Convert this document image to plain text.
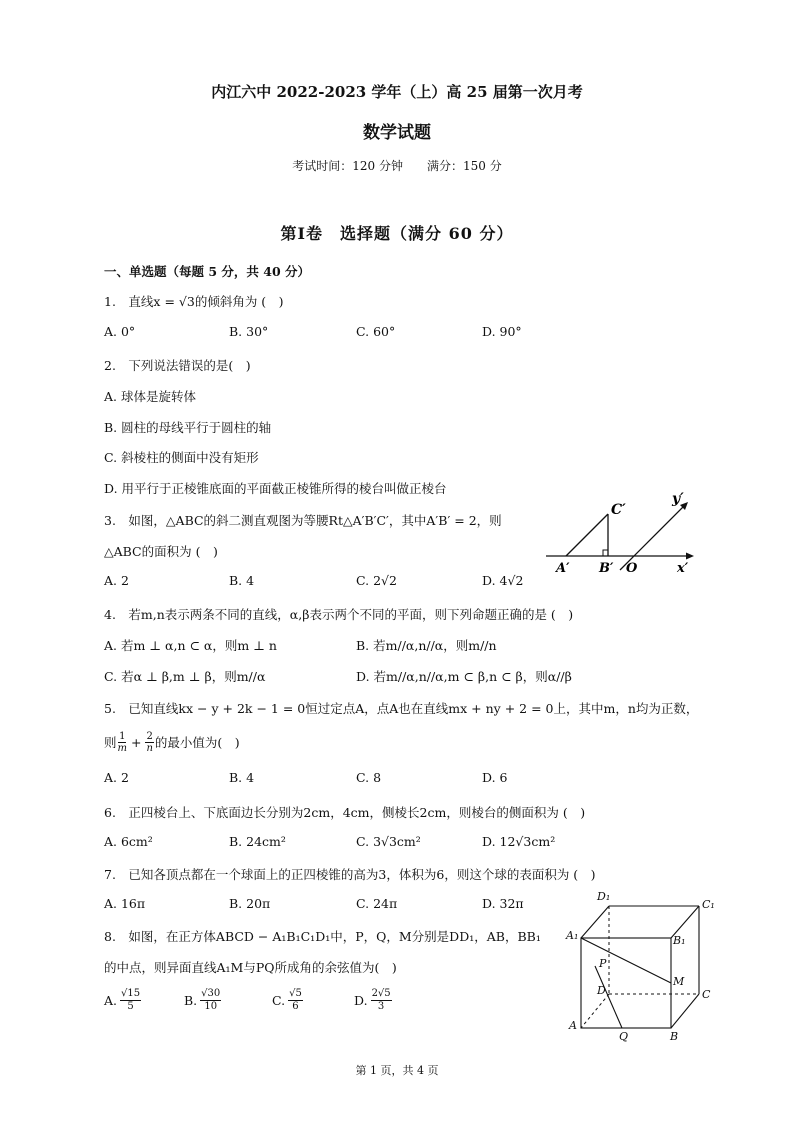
内江六中 2022-2023 学年（上）高 25 届第一次月考
数学试题
考试时间：120 分钟　　满分：150 分
第Ⅰ卷　选择题（满分 60 分）
一、单选题（每题 5 分，共 40 分）
1.　直线x = √3的倾斜角为 (　)
A. 0°	B. 30°	C. 60°	D. 90°
2.　下列说法错误的是(　)
A. 球体是旋转体
B. 圆柱的母线平行于圆柱的轴
C. 斜棱柱的侧面中没有矩形
D. 用平行于正棱锥底面的平面截正棱锥所得的棱台叫做正棱台
3.　如图，△ABC的斜二测直观图为等腰Rt△A′B′C′，其中A′B′ = 2，则
△ABC的面积为 (　)
A. 2	B. 4	C. 2√2	D. 4√2
C′
y′
A′ B′ O	x′
4.　若m,n表示两条不同的直线，α,β表示两个不同的平面，则下列命题正确的是 (　)
A. 若m ⊥ α,n ⊂ α，则m ⊥ n	B. 若m//α,n//α，则m//n
C. 若α ⊥ β,m ⊥ β，则m//α	D. 若m//α,n//α,m ⊂ β,n ⊂ β，则α//β
5.　已知直线kx − y + 2k − 1 = 0恒过定点A，点A也在直线mx + ny + 2 = 0上，其中m，n均为正数，
则 $\frac{1}{m} + \frac{2}{n}$ 的最小值为(　)
A. 2	B. 4	C. 8	D. 6
6.　正四棱台上、下底面边长分别为2cm，4cm，侧棱长2cm，则棱台的侧面积为 (　)
A. 6cm²	B. 24cm²	C. 3√3cm²	D. 12√3cm²
7.　已知各顶点都在一个球面上的正四棱锥的高为3，体积为6，则这个球的表面积为 (　)
A. 16π	B. 20π	C. 24π	D. 32π
8.　如图，在正方体ABCD − A₁B₁C₁D₁中，P，Q，M分别是DD₁，AB，BB₁
的中点，则异面直线A₁M与PQ所成角的余弦值为(　)
A. $\frac{√15}{5}$	B. $\frac{√30}{10}$	C. $\frac{√5}{6}$	D. $\frac{2√5}{3}$
D₁
C₁
A₁	B₁
P
M
D	C
A
B
Q
第 1 页，共 4 页
